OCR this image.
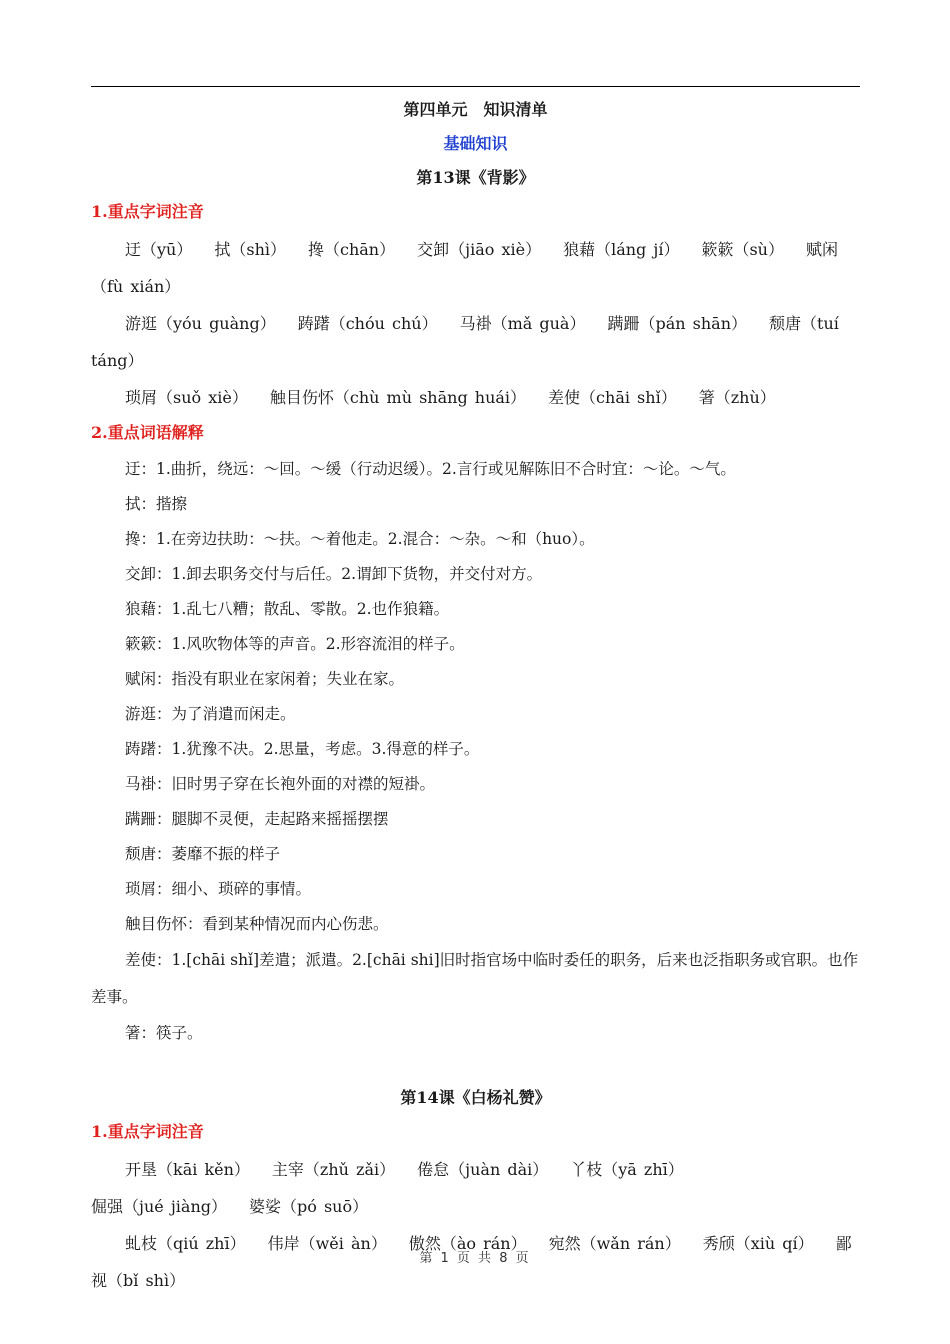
第四单元　知识清单
基础知识
第13课《背影》
1.重点字词注音

迂（yū） 拭（shì） 搀（chān） 交卸（jiāo xiè） 狼藉（láng jí） 簌簌（sù） 赋闲（fù xián）

游逛（yóu guàng） 踌躇（chóu chú） 马褂（mǎ guà） 蹒跚（pán shān） 颓唐（tuí táng）

琐屑（suǒ xiè） 触目伤怀（chù mù shāng huái） 差使（chāi shǐ） 箸（zhù）

2.重点词语解释

迂：1.曲折，绕远：～回。～缓（行动迟缓）。2.言行或见解陈旧不合时宜：～论。～气。

拭：揩擦

搀：1.在旁边扶助：～扶。～着他走。2.混合：～杂。～和（huo）。

交卸：1.卸去职务交付与后任。2.谓卸下货物，并交付对方。

狼藉：1.乱七八糟；散乱、零散。2.也作狼籍。

簌簌：1.风吹物体等的声音。2.形容流泪的样子。

赋闲：指没有职业在家闲着；失业在家。

游逛：为了消遣而闲走。

踌躇：1.犹豫不决。2.思量，考虑。3.得意的样子。

马褂：旧时男子穿在长袍外面的对襟的短褂。

蹒跚：腿脚不灵便，走起路来摇摇摆摆

颓唐：萎靡不振的样子

琐屑：细小、琐碎的事情。

触目伤怀：看到某种情况而内心伤悲。

差使：1.[chāi shǐ]差遣；派遣。2.[chāi shi]旧时指官场中临时委任的职务，后来也泛指职务或官职。也作差事。

箸：筷子。

第14课《白杨礼赞》
1.重点字词注音

开垦（kāi kěn） 主宰（zhǔ zǎi） 倦怠（juàn dài） 丫枝（yā zhī）倔强（jué jiàng） 婆娑（pó suō）

虬枝（qiú zhī） 伟岸（wěi àn） 傲然（ào rán） 宛然（wǎn rán） 秀颀（xiù qí） 鄙视（bǐ shì）

第 1 页 共 8 页
